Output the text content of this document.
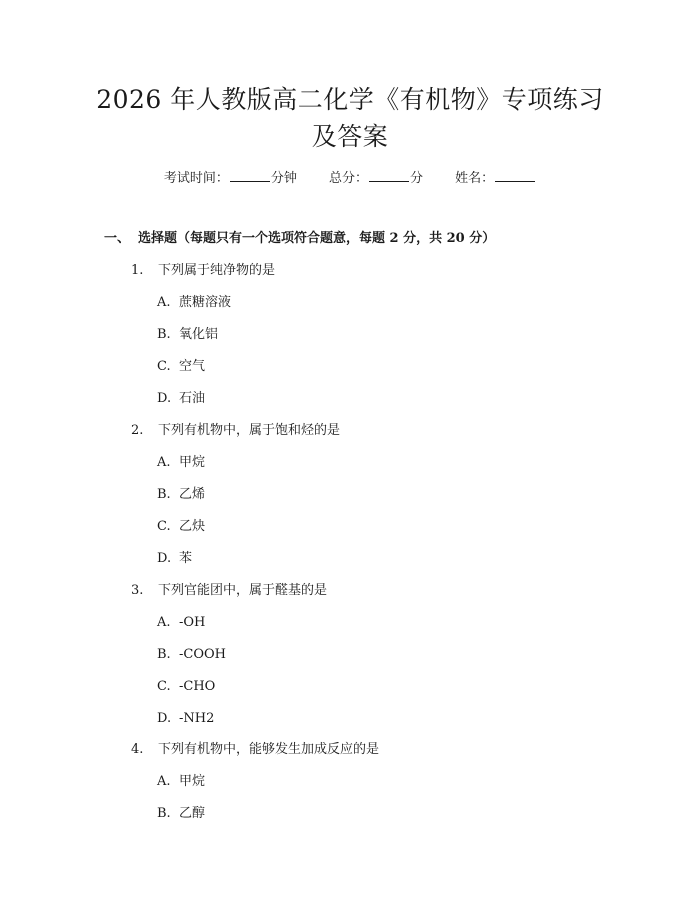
2026 年人教版高二化学《有机物》专项练习
及答案
考试时间：	分钟 总分：	分 姓名：
一、 选择题（每题只有一个选项符合题意，每题 2 分，共 20 分）
1. 下列属于纯净物的是
A. 蔗糖溶液
B. 氧化铝
C. 空气
D. 石油
2. 下列有机物中，属于饱和烃的是
A. 甲烷
B. 乙烯
C. 乙炔
D. 苯
3. 下列官能团中，属于醛基的是
A. -OH
B. -COOH
C. -CHO
D. -NH2
4. 下列有机物中，能够发生加成反应的是
A. 甲烷
B. 乙醇
